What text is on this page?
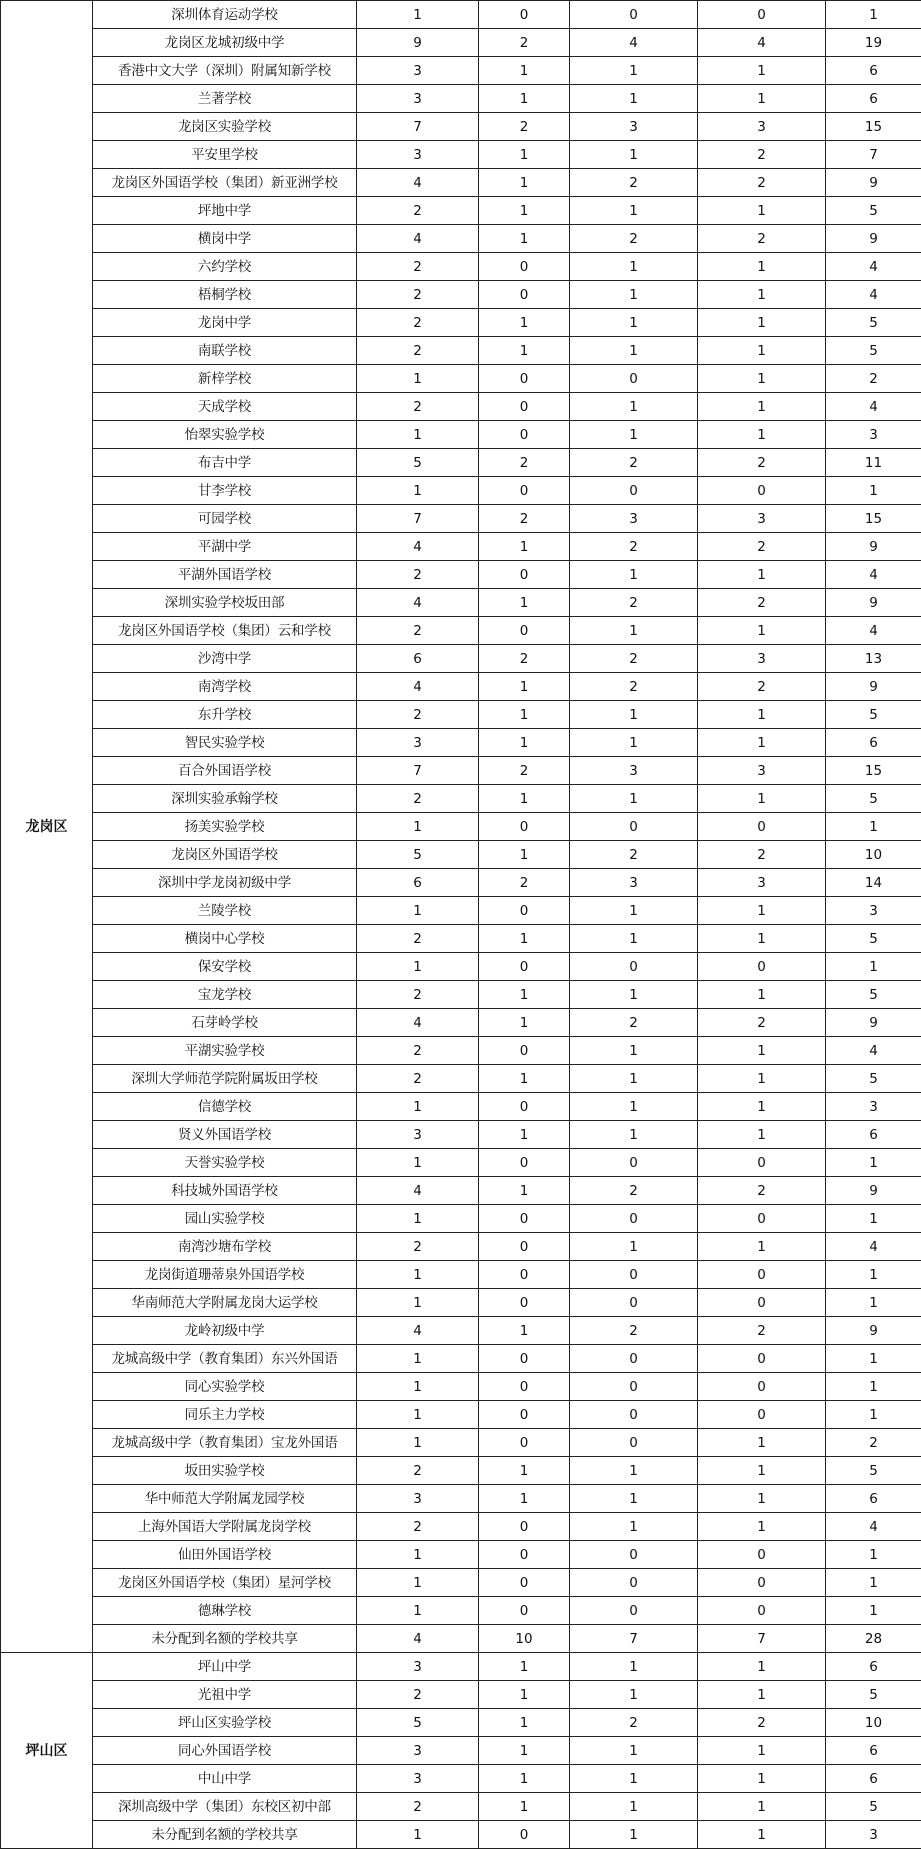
龙岗区	深圳体育运动学校	1	0	0	0	1
	龙岗区龙城初级中学	9	2	4	4	19
	香港中文大学（深圳）附属知新学校	3	1	1	1	6
	兰著学校	3	1	1	1	6
	龙岗区实验学校	7	2	3	3	15
	平安里学校	3	1	1	2	7
	龙岗区外国语学校（集团）新亚洲学校	4	1	2	2	9
	坪地中学	2	1	1	1	5
	横岗中学	4	1	2	2	9
	六约学校	2	0	1	1	4
	梧桐学校	2	0	1	1	4
	龙岗中学	2	1	1	1	5
	南联学校	2	1	1	1	5
	新梓学校	1	0	0	1	2
	天成学校	2	0	1	1	4
	怡翠实验学校	1	0	1	1	3
	布吉中学	5	2	2	2	11
	甘李学校	1	0	0	0	1
	可园学校	7	2	3	3	15
	平湖中学	4	1	2	2	9
	平湖外国语学校	2	0	1	1	4
	深圳实验学校坂田部	4	1	2	2	9
	龙岗区外国语学校（集团）云和学校	2	0	1	1	4
	沙湾中学	6	2	2	3	13
	南湾学校	4	1	2	2	9
	东升学校	2	1	1	1	5
	智民实验学校	3	1	1	1	6
	百合外国语学校	7	2	3	3	15
	深圳实验承翰学校	2	1	1	1	5
	扬美实验学校	1	0	0	0	1
	龙岗区外国语学校	5	1	2	2	10
	深圳中学龙岗初级中学	6	2	3	3	14
	兰陵学校	1	0	1	1	3
	横岗中心学校	2	1	1	1	5
	保安学校	1	0	0	0	1
	宝龙学校	2	1	1	1	5
	石芽岭学校	4	1	2	2	9
	平湖实验学校	2	0	1	1	4
	深圳大学师范学院附属坂田学校	2	1	1	1	5
	信德学校	1	0	1	1	3
	贤义外国语学校	3	1	1	1	6
	天誉实验学校	1	0	0	0	1
	科技城外国语学校	4	1	2	2	9
	园山实验学校	1	0	0	0	1
	南湾沙塘布学校	2	0	1	1	4
	龙岗街道珊蒂泉外国语学校	1	0	0	0	1
	华南师范大学附属龙岗大运学校	1	0	0	0	1
	龙岭初级中学	4	1	2	2	9
	龙城高级中学（教育集团）东兴外国语	1	0	0	0	1
	同心实验学校	1	0	0	0	1
	同乐主力学校	1	0	0	0	1
	龙城高级中学（教育集团）宝龙外国语	1	0	0	1	2
	坂田实验学校	2	1	1	1	5
	华中师范大学附属龙园学校	3	1	1	1	6
	上海外国语大学附属龙岗学校	2	0	1	1	4
	仙田外国语学校	1	0	0	0	1
	龙岗区外国语学校（集团）星河学校	1	0	0	0	1
	德琳学校	1	0	0	0	1
	未分配到名额的学校共享	4	10	7	7	28
坪山区	坪山中学	3	1	1	1	6
	光祖中学	2	1	1	1	5
	坪山区实验学校	5	1	2	2	10
	同心外国语学校	3	1	1	1	6
	中山中学	3	1	1	1	6
	深圳高级中学（集团）东校区初中部	2	1	1	1	5
	未分配到名额的学校共享	1	0	1	1	3
